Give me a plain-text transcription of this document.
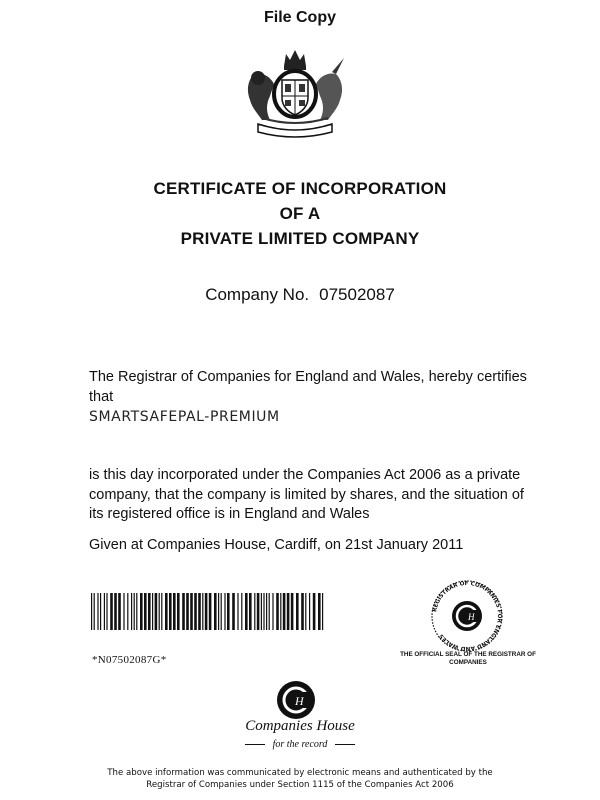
File Copy
CERTIFICATE OF INCORPORATION
OF A
PRIVATE LIMITED COMPANY
Company No. 07502087
The Registrar of Companies for England and Wales, hereby certifies that
SMARTSAFEPAL-PREMIUM
is this day incorporated under the Companies Act 2006 as a private company, that the company is limited by shares, and the situation of its registered office is in England and Wales
Given at Companies House, Cardiff, on 21st January 2011
*N07502087G*
REGISTRAR OF COMPANIES FOR ENGLAND AND WALES
H
THE OFFICIAL SEAL OF THE REGISTRAR OF COMPANIES
H
Companies House
for the record
The above information was communicated by electronic means and authenticated by the
Registrar of Companies under Section 1115 of the Companies Act 2006
